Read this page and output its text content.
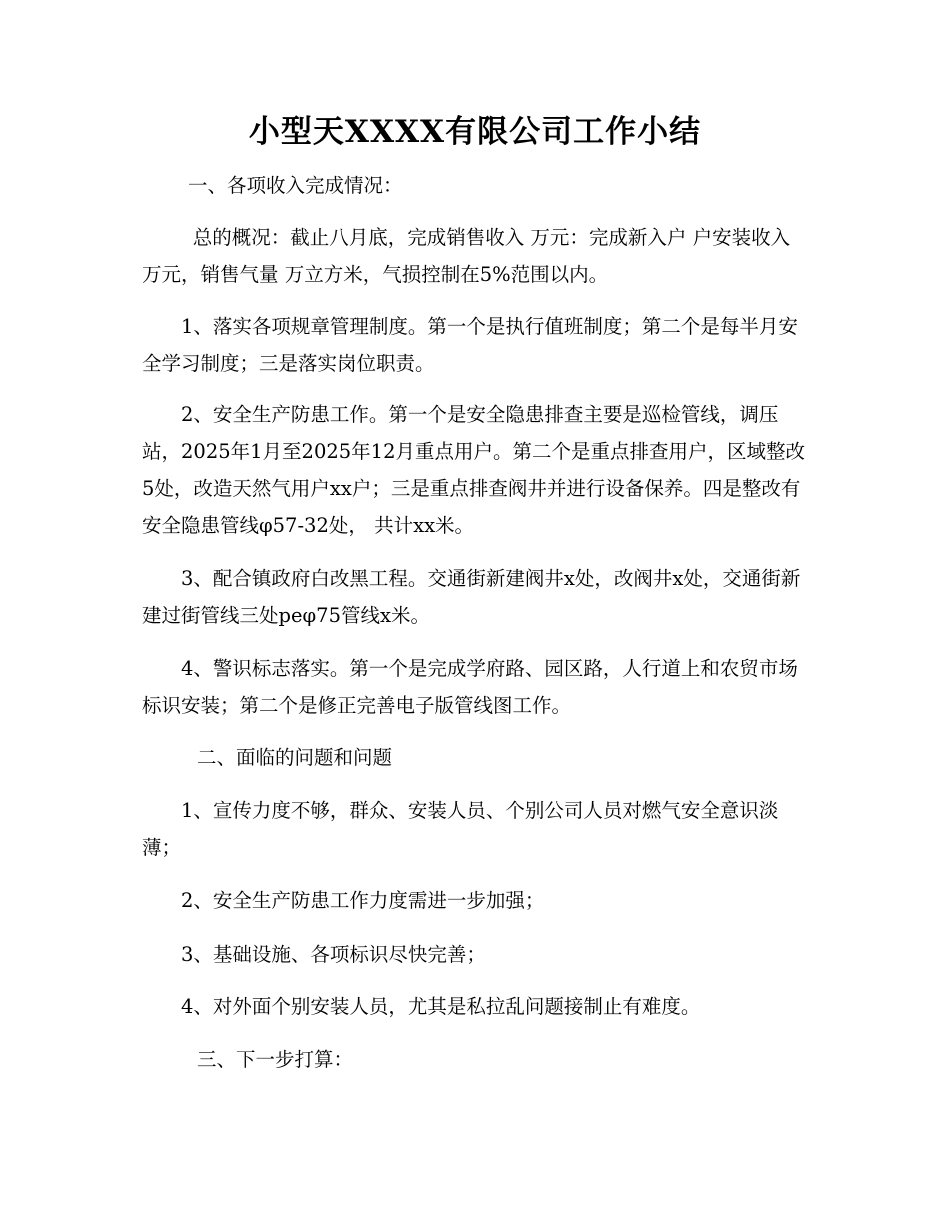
小型天XXXX有限公司工作小结

一、各项收入完成情况：

总的概况：截止八月底，完成销售收入 万元：完成新入户 户安装收入 万元，销售气量 万立方米，气损控制在5%范围以内。

1、落实各项规章管理制度。第一个是执行值班制度；第二个是每半月安全学习制度；三是落实岗位职责。

2、安全生产防患工作。第一个是安全隐患排查主要是巡检管线，调压站，2025年1月至2025年12月重点用户。第二个是重点排查用户，区域整改5处，改造天然气用户xx户；三是重点排查阀井并进行设备保养。四是整改有安全隐患管线φ57-32处， 共计xx米。

3、配合镇政府白改黑工程。交通街新建阀井x处，改阀井x处，交通街新建过街管线三处peφ75管线x米。

4、警识标志落实。第一个是完成学府路、园区路，人行道上和农贸市场标识安装；第二个是修正完善电子版管线图工作。

二、面临的问题和问题

1、宣传力度不够，群众、安装人员、个别公司人员对燃气安全意识淡薄；

2、安全生产防患工作力度需进一步加强；

3、基础设施、各项标识尽快完善；

4、对外面个别安装人员，尤其是私拉乱问题接制止有难度。

三、下一步打算：
